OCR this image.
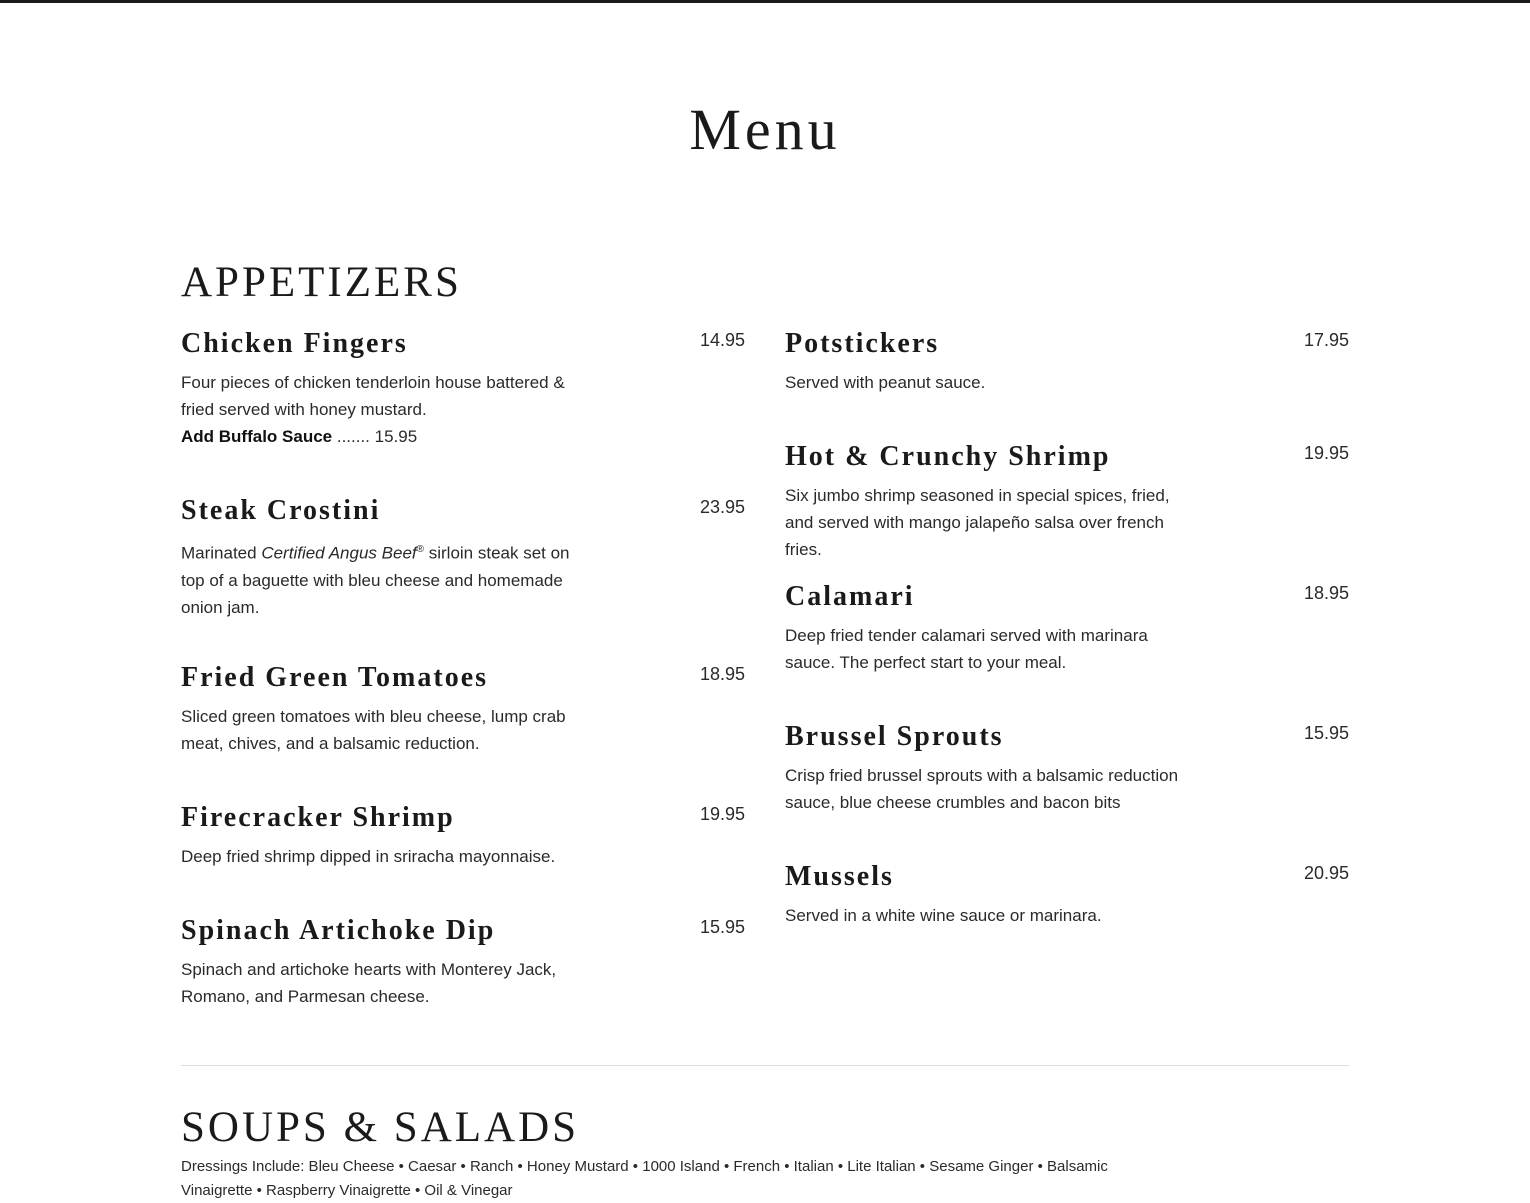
Menu
APPETIZERS
Chicken Fingers	14.95
Four pieces of chicken tenderloin house battered & fried served with honey mustard.
Add Buffalo Sauce ....... 15.95
Steak Crostini	23.95
Marinated Certified Angus Beef® sirloin steak set on top of a baguette with bleu cheese and homemade onion jam.
Fried Green Tomatoes	18.95
Sliced green tomatoes with bleu cheese, lump crab meat, chives, and a balsamic reduction.
Firecracker Shrimp	19.95
Deep fried shrimp dipped in sriracha mayonnaise.
Spinach Artichoke Dip	15.95
Spinach and artichoke hearts with Monterey Jack, Romano, and Parmesan cheese.
Potstickers	17.95
Served with peanut sauce.
Hot & Crunchy Shrimp	19.95
Six jumbo shrimp seasoned in special spices, fried, and served with mango jalapeño salsa over french fries.
Calamari	18.95
Deep fried tender calamari served with marinara sauce. The perfect start to your meal.
Brussel Sprouts	15.95
Crisp fried brussel sprouts with a balsamic reduction sauce, blue cheese crumbles and bacon bits
Mussels	20.95
Served in a white wine sauce or marinara.
SOUPS & SALADS
Dressings Include: Bleu Cheese • Caesar • Ranch • Honey Mustard • 1000 Island • French • Italian • Lite Italian • Sesame Ginger • Balsamic Vinaigrette • Raspberry Vinaigrette • Oil & Vinegar
